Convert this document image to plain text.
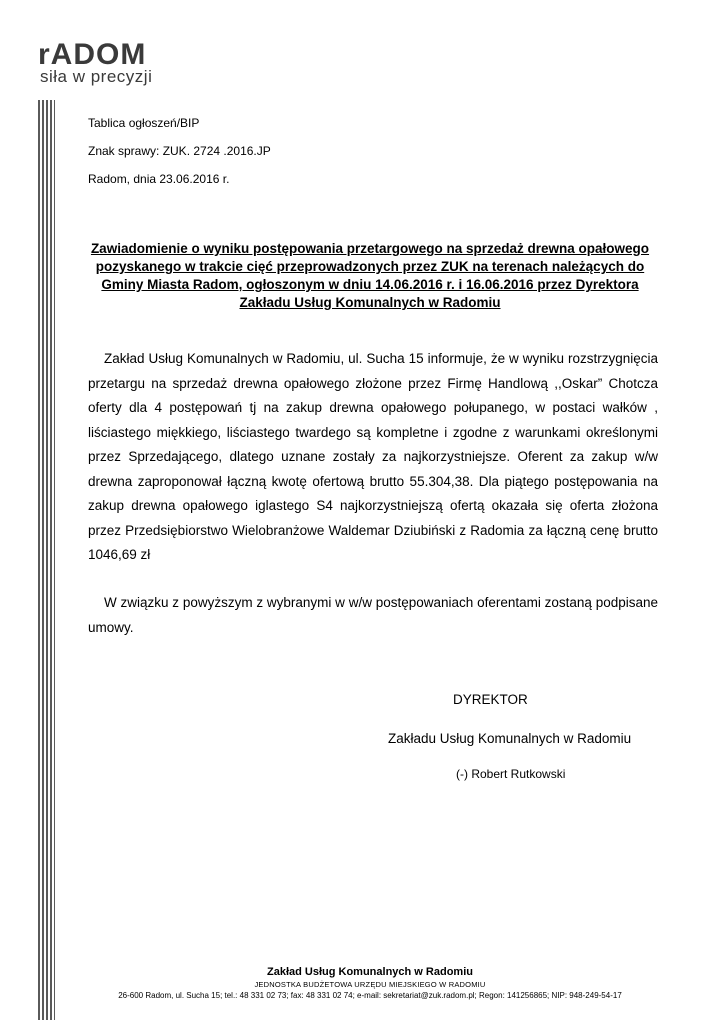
rADOM
siła w precyzji
Tablica ogłoszeń/BIP
Znak sprawy: ZUK. 2724 .2016.JP
Radom, dnia 23.06.2016 r.
Zawiadomienie o wyniku postępowania przetargowego na sprzedaż drewna opałowego pozyskanego w trakcie cięć przeprowadzonych przez ZUK na terenach należących do Gminy Miasta Radom, ogłoszonym w dniu 14.06.2016 r. i 16.06.2016 przez Dyrektora Zakładu Usług Komunalnych w Radomiu
Zakład Usług Komunalnych w Radomiu, ul. Sucha 15 informuje, że w wyniku rozstrzygnięcia przetargu na sprzedaż drewna opałowego złożone przez Firmę Handlową ,,Oskar” Chotcza oferty dla 4 postępowań tj na zakup drewna opałowego połupanego, w postaci wałków , liściastego miękkiego, liściastego twardego są kompletne i zgodne z warunkami określonymi przez Sprzedającego, dlatego uznane zostały za najkorzystniejsze. Oferent za zakup w/w drewna zaproponował łączną kwotę ofertową brutto 55.304,38. Dla piątego postępowania na zakup drewna opałowego iglastego S4 najkorzystniejszą ofertą okazała się oferta złożona przez Przedsiębiorstwo Wielobranżowe Waldemar Dziubiński z Radomia za łączną cenę brutto 1046,69 zł
W związku z powyższym z wybranymi w w/w postępowaniach oferentami zostaną podpisane umowy.
DYREKTOR
Zakładu Usług Komunalnych w Radomiu
(-) Robert Rutkowski
Zakład Usług Komunalnych w Radomiu
JEDNOSTKA BUDŻETOWA URZĘDU MIEJSKIEGO W RADOMIU
26-600 Radom, ul. Sucha 15; tel.: 48 331 02 73; fax: 48 331 02 74; e-mail: sekretariat@zuk.radom.pl; Regon: 141256865; NIP: 948-249-54-17
